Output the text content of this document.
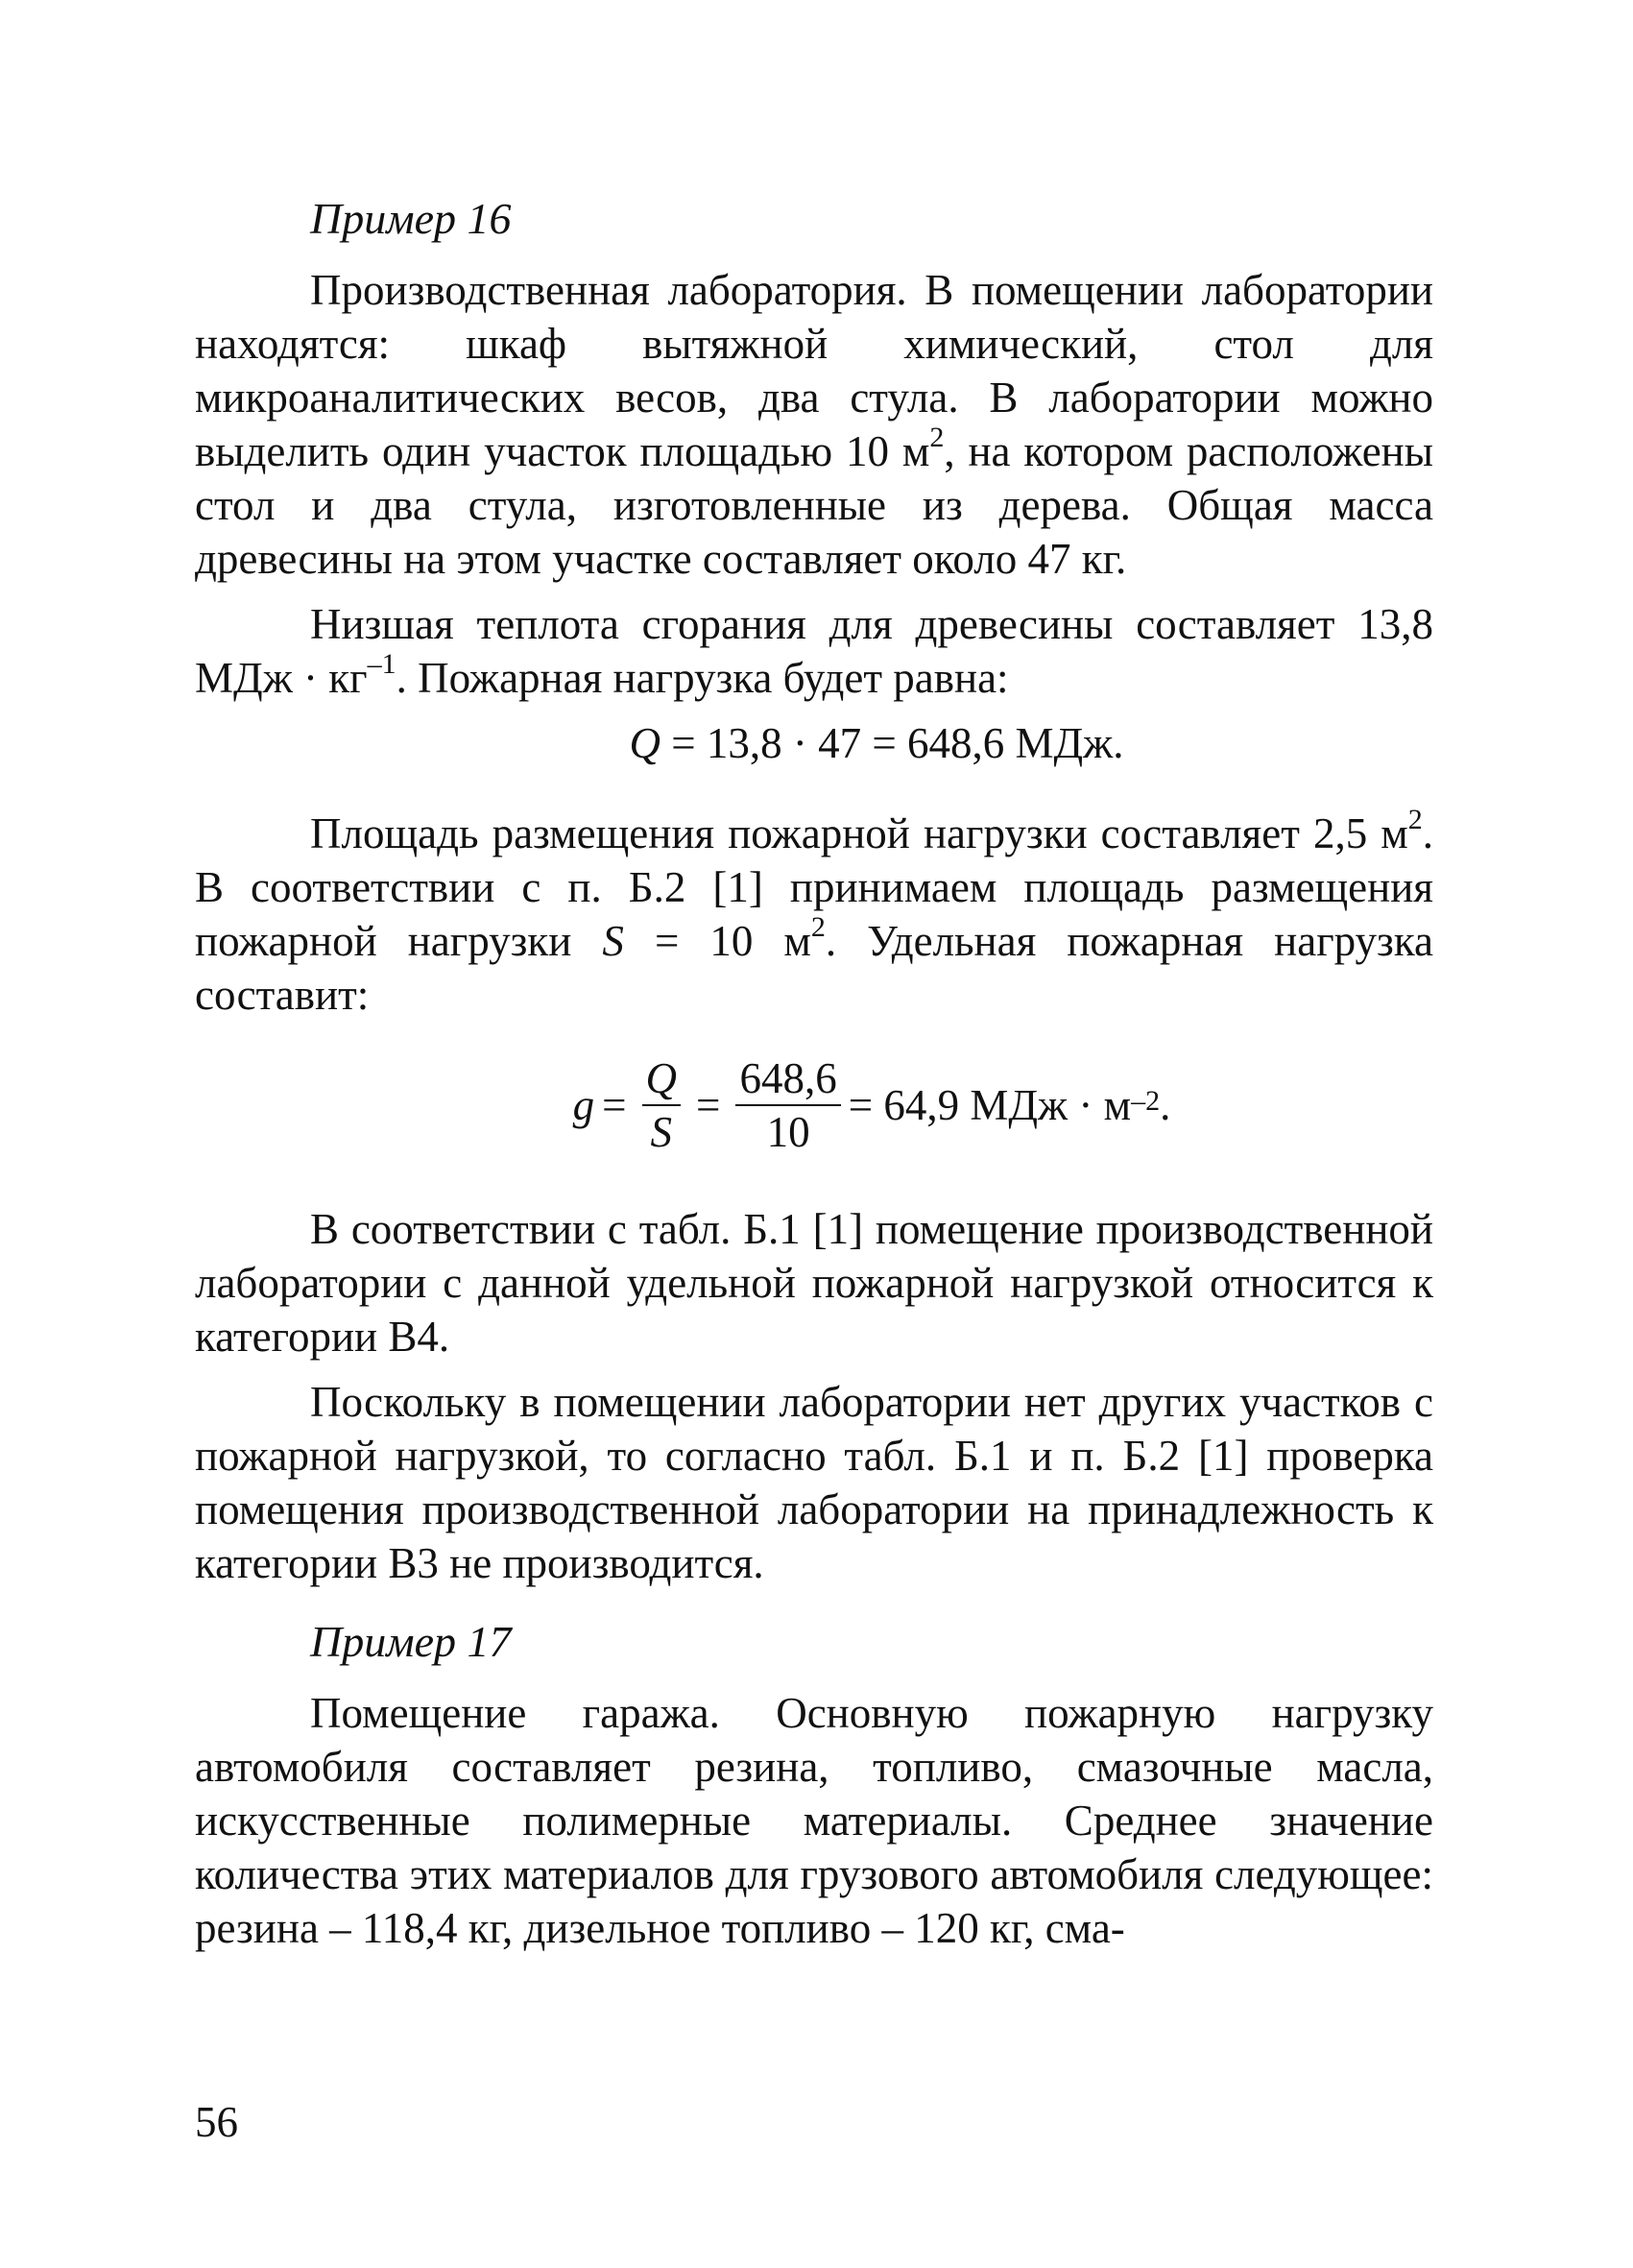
Пример 16

Производственная лаборатория. В помещении лаборатории находятся: шкаф вытяжной химический, стол для микроаналитических весов, два стула. В лаборатории можно выделить один участок площадью 10 $м^2$, на котором расположены стол и два стула, изготовленные из дерева. Общая масса древесины на этом участке составляет около 47 кг.

Низшая теплота сгорания для древесины составляет 13,8 МДж · $кг^{-1}$. Пожарная нагрузка будет равна:

Q = 13,8 · 47 = 648,6 МДж.

Площадь размещения пожарной нагрузки составляет 2,5 $м^2$. В соответствии с п. Б.2 [1] принимаем площадь размещения пожарной нагрузки S = 10 $м^2$. Удельная пожарная нагрузка составит:

$g = \frac{Q}{S} = \frac{648,6}{10} = 64,9$ МДж · $м^{-2}$ .

В соответствии с табл. Б.1 [1] помещение производственной лаборатории с данной удельной пожарной нагрузкой относится к категории В4.

Поскольку в помещении лаборатории нет других участков с пожарной нагрузкой, то согласно табл. Б.1 и п. Б.2 [1] проверка помещения производственной лаборатории на принадлежность к категории В3 не производится.

Пример 17

Помещение гаража. Основную пожарную нагрузку автомобиля составляет резина, топливо, смазочные масла, искусственные полимерные материалы. Среднее значение количества этих материалов для грузового автомобиля следующее: резина – 118,4 кг, дизельное топливо – 120 кг, сма-

56
